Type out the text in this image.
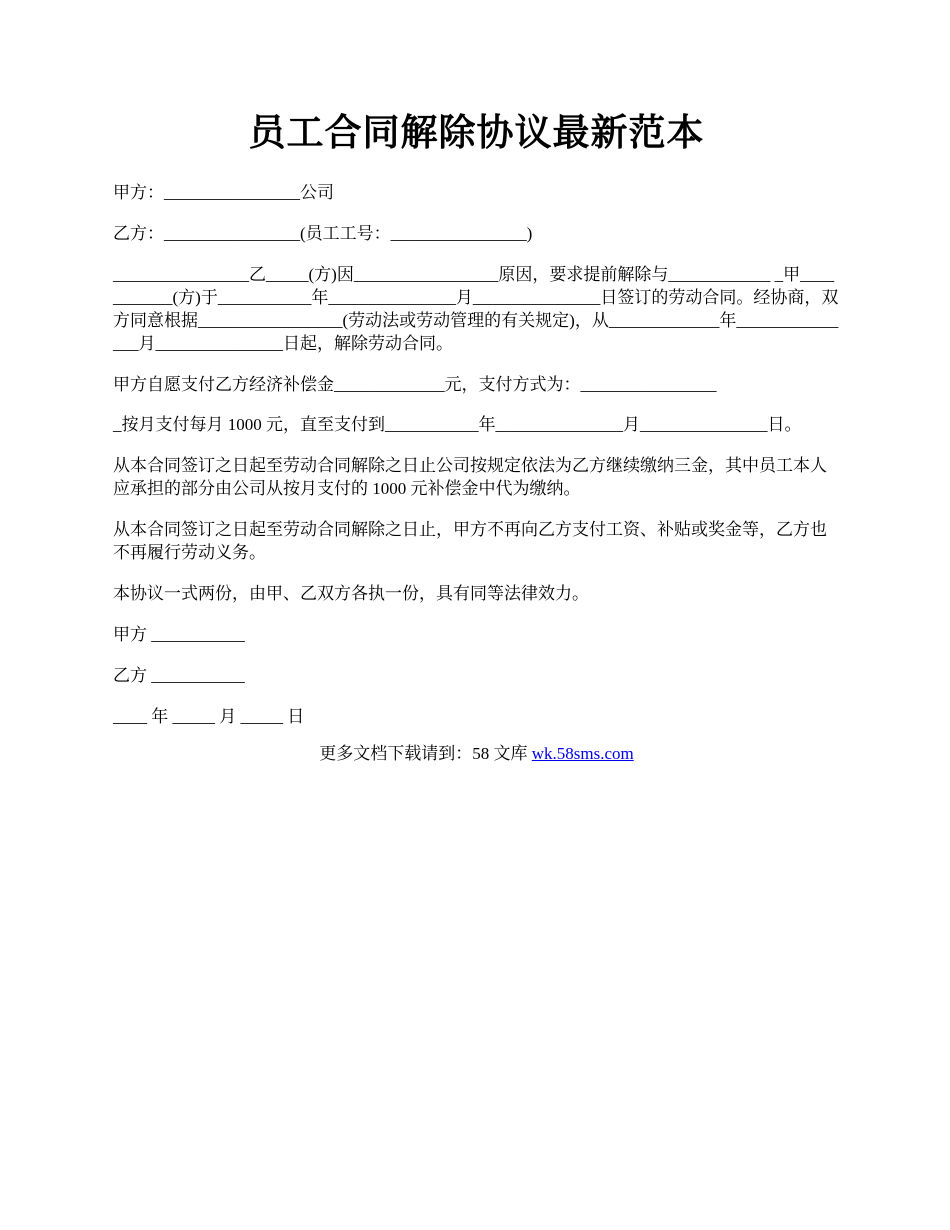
员工合同解除协议最新范本

甲方：________________公司

乙方：________________(员工工号：________________)

________________乙_____(方)因_________________原因，要求提前解除与____________ _甲___________(方)于___________年_______________月_______________日签订的劳动合同。经协商，双方同意根据_________________(劳动法或劳动管理的有关规定)，从_____________年_______________月_______________日起，解除劳动合同。

甲方自愿支付乙方经济补偿金_____________元，支付方式为：________________

_按月支付每月 1000 元，直至支付到___________年_______________月_______________日。

从本合同签订之日起至劳动合同解除之日止公司按规定依法为乙方继续缴纳三金，其中员工本人应承担的部分由公司从按月支付的 1000 元补偿金中代为缴纳。

从本合同签订之日起至劳动合同解除之日止，甲方不再向乙方支付工资、补贴或奖金等，乙方也不再履行劳动义务。

本协议一式两份，由甲、乙双方各执一份，具有同等法律效力。

甲方 ___________

乙方 ___________

____ 年 _____ 月 _____ 日

更多文档下载请到：58 文库 wk.58sms.com
